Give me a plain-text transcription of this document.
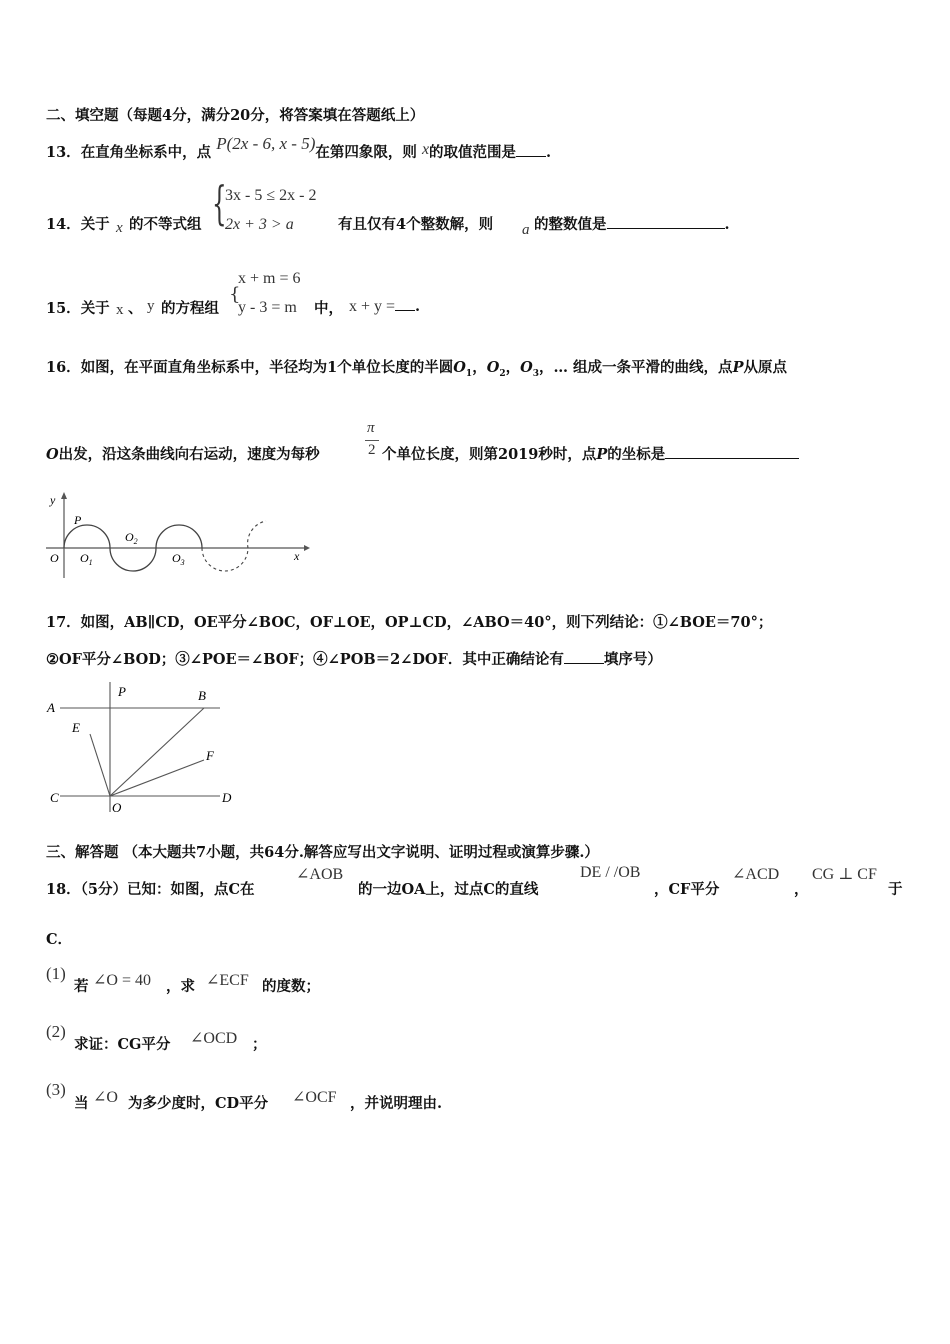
二、填空题（每题4分，满分20分，将答案填在答题纸上）
13．在直角坐标系中，点 P(2x - 6, x - 5)在第四象限，则 x的取值范围是 .
14．关于 x 的不等式组 {
3x - 5 ≤ 2x - 2
2x + 3 > a	有且仅有4个整数解，则 a 的整数值是	.
15．关于 x 、 y 的方程组
{
x + m = 6
y - 3 = m 中， x + y = .
16．如图，在平面直角坐标系中，半径均为1个单位长度的半圆$O_1$，$O_2$，$O_3$，… 组成一条平滑的曲线，点P从原点
O出发，沿这条曲线向右运动，速度为每秒
π
2 个单位长度，则第2019秒时，点P的坐标是
y
x
P
O $O_1$
$O_2$
$O_3$
17．如图，AB∥CD，OE平分∠BOC，OF⊥OE，OP⊥CD，∠ABO＝40°，则下列结论：①∠BOE＝70°；
②OF平分∠BOD；③∠POE＝∠BOF；④∠POB＝2∠DOF．其中正确结论有	填序号）
A
P	B
E
F
C
O
D
三、解答题 （本大题共7小题，共64分.解答应写出文字说明、证明过程或演算步骤.）
18．（5分）已知：如图，点C在
∠AOB
的一边OA上，过点C的直线
DE / /OB
，CF平分
∠ACD
，
CG ⊥ CF
于
C．
(1)
若 ∠O = 40 ，求 ∠ECF 的度数；
(2)
求证：CG平分 ∠OCD ；
(3)
当 ∠O 为多少度时，CD平分 ∠OCF ，并说明理由.
